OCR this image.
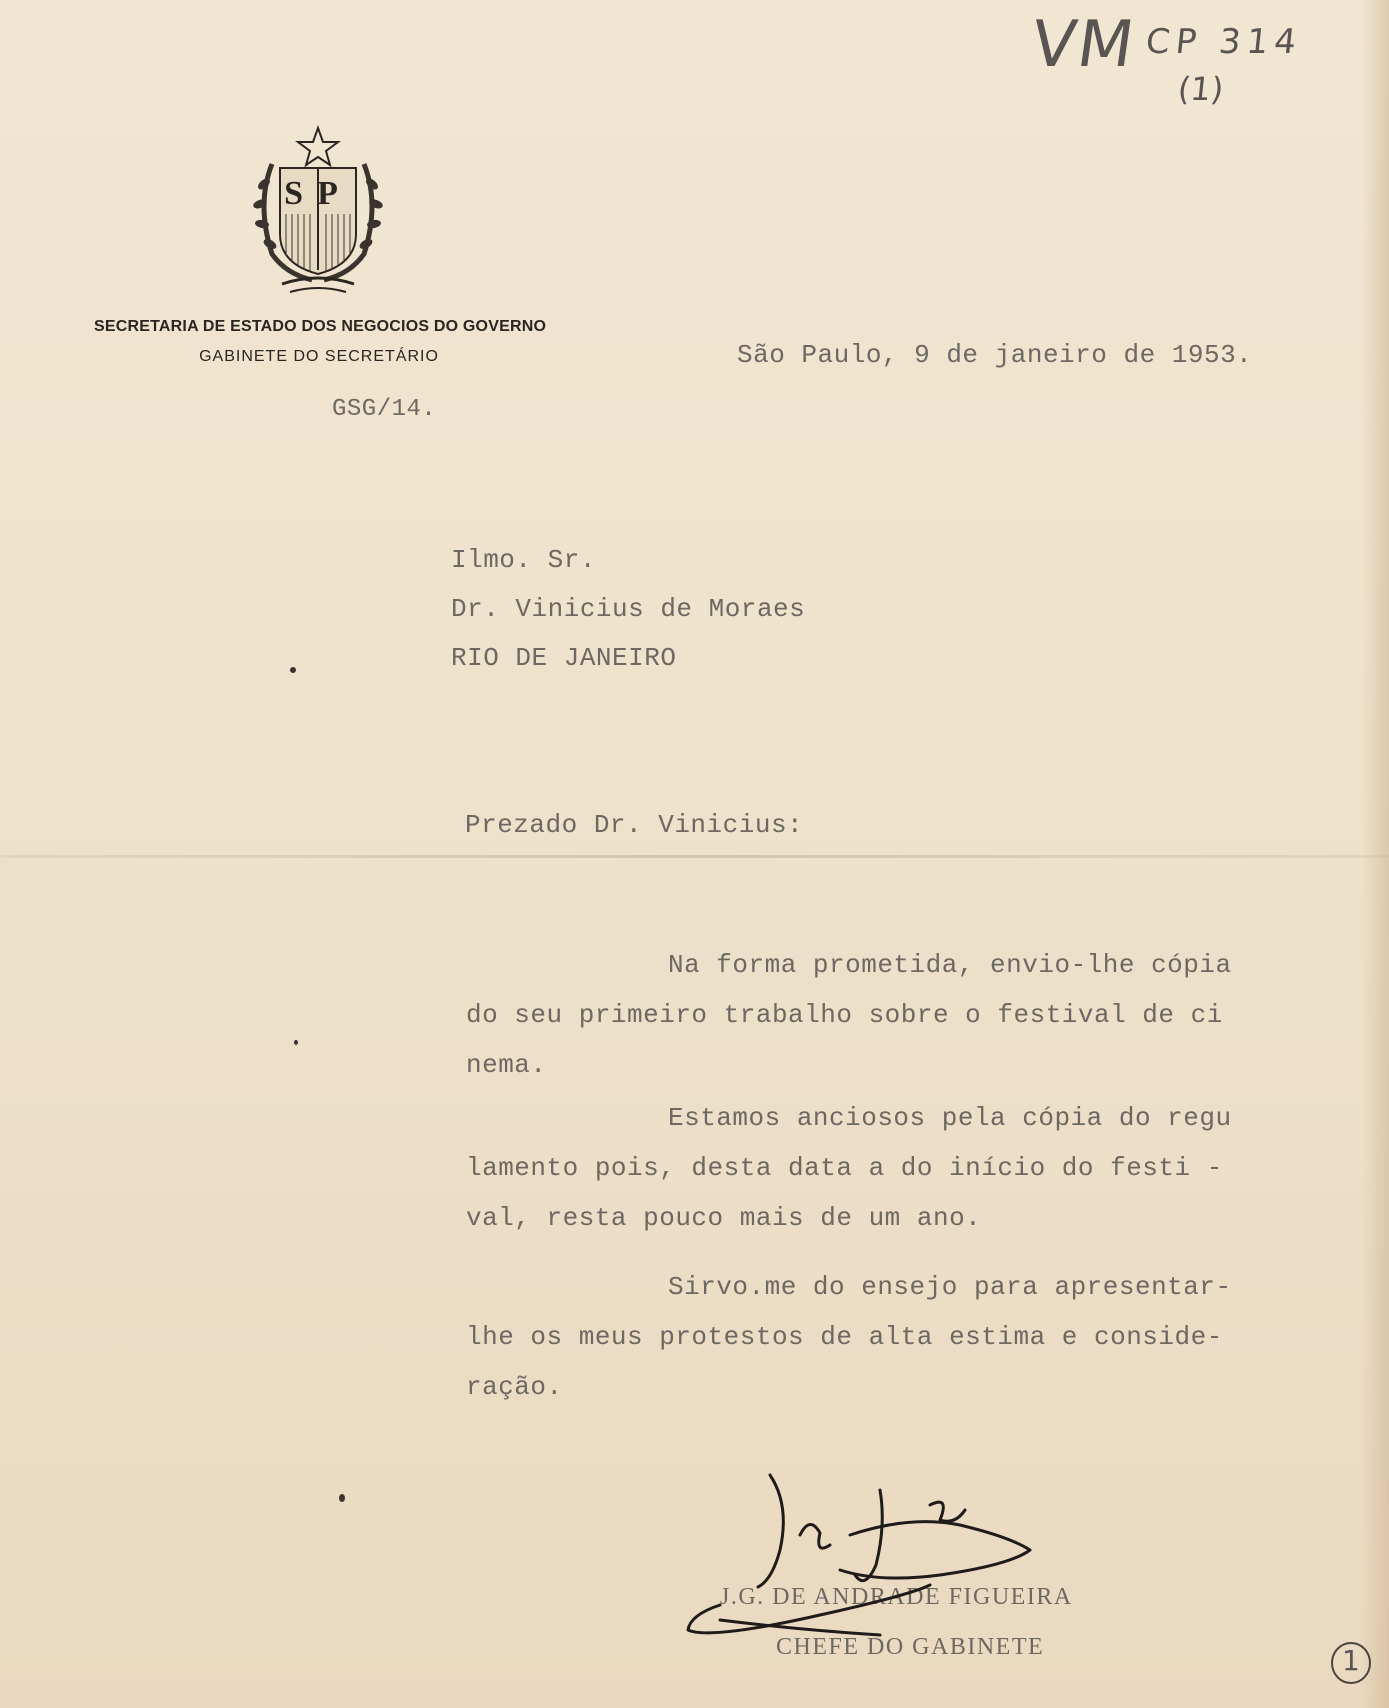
VM CP 314
(1)
SP
SECRETARIA DE ESTADO DOS NEGOCIOS DO GOVERNO
GABINETE DO SECRETÁRIO
GSG/14.
São Paulo, 9 de janeiro de 1953.
Ilmo. Sr.
Dr. Vinicius de Moraes
RIO DE JANEIRO
Prezado Dr. Vinicius:
Na forma prometida, envio-lhe cópia
do seu primeiro trabalho sobre o festival de ci
nema.
Estamos anciosos pela cópia do regu
lamento pois, desta data a do início do festi -
val, resta pouco mais de um ano.
Sirvo.me do ensejo para apresentar-
lhe os meus protestos de alta estima e conside-
ração.
J.G. DE ANDRADE FIGUEIRA
CHEFE DO GABINETE	1
